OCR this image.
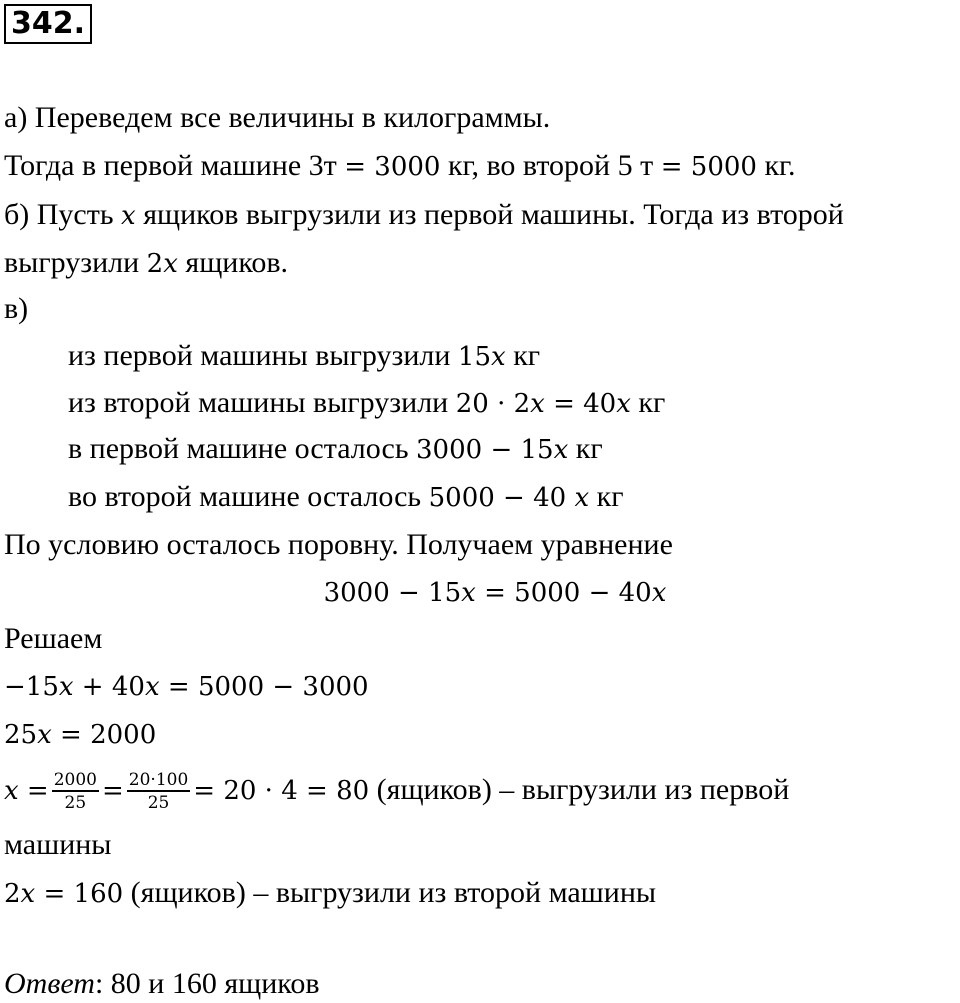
342.
а) Переведем все величины в килограммы.
Тогда в первой машине 3т = 3000 кг, во второй 5 т = 5000 кг.
б) Пусть x ящиков выгрузили из первой машины. Тогда из второй
выгрузили 2x ящиков.
в)
из первой машины выгрузили 15x кг
из второй машины выгрузили 20 · 2x = 40x кг
в первой машине осталось 3000 − 15x кг
во второй машине осталось 5000 − 40 x кг
По условию осталось поровну. Получаем уравнение
3000 − 15x = 5000 − 40x
Решаем
−15x + 40x = 5000 − 3000
25x = 2000
$x = \frac{2000}{25} = \frac{20\cdot 100}{25} = 20 \cdot 4 = 80$ (ящиков) – выгрузили из первой
машины
2x = 160 (ящиков) – выгрузили из второй машины
Ответ: 80 и 160 ящиков
